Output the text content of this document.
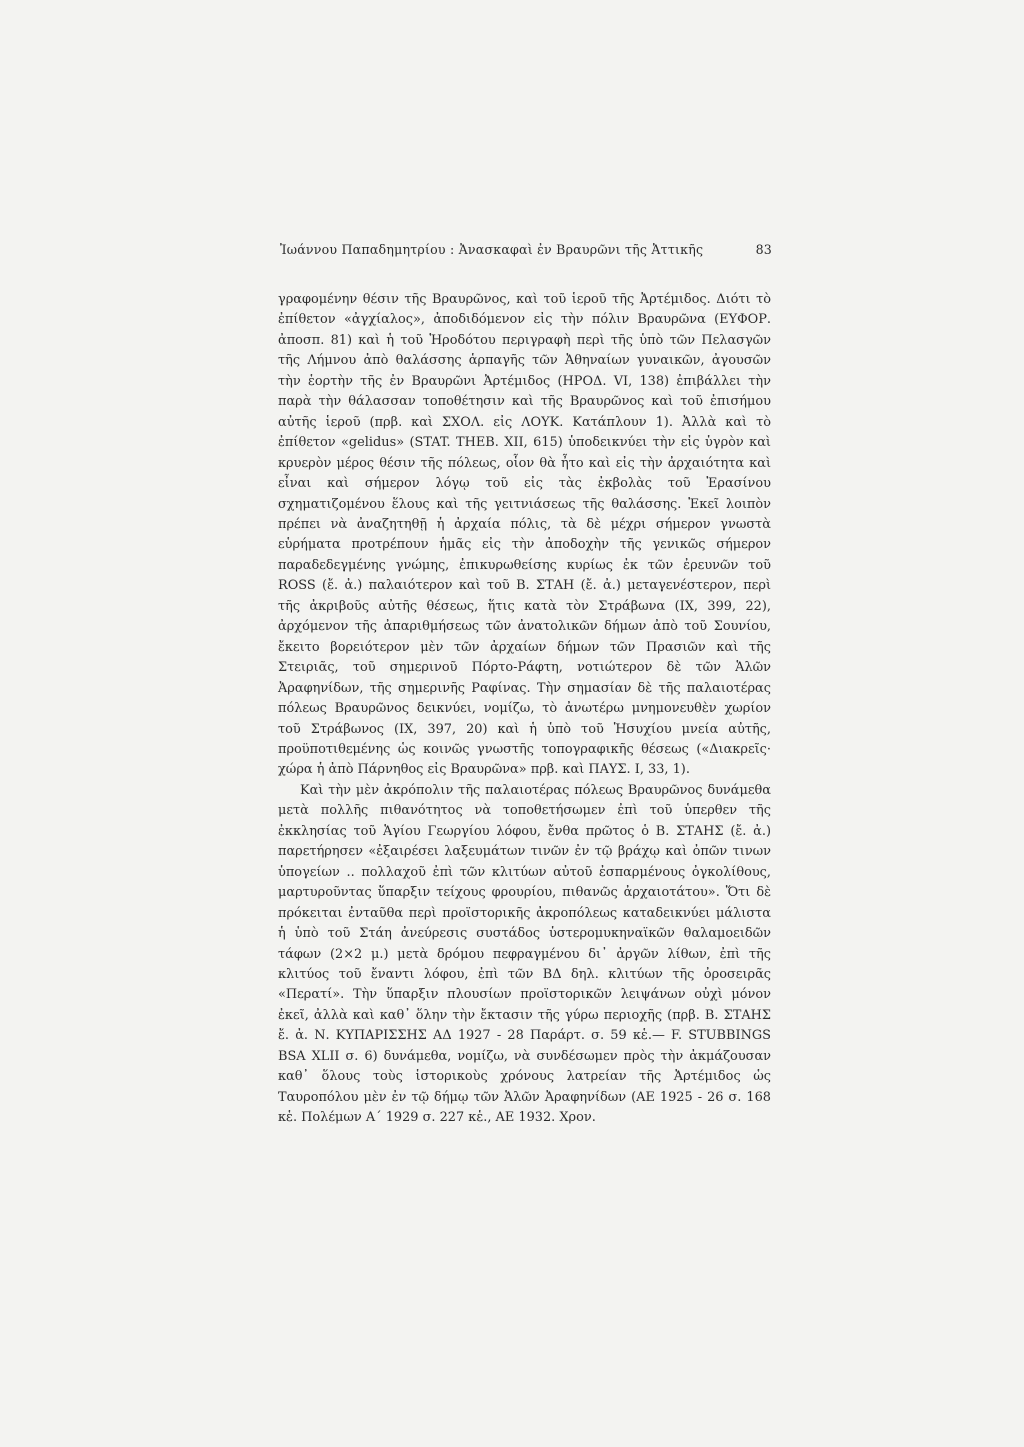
Ἰωάννου Παπαδημητρίου : Ἀνασκαφαὶ ἐν Βραυρῶνι τῆς Ἀττικῆς	83

γραφομένην θέσιν τῆς Βραυρῶνος, καὶ τοῦ ἱεροῦ τῆς Ἀρτέμιδος. Διότι τὸ ἐπίθετον «ἀγχίαλος», ἀποδιδόμενον εἰς τὴν πόλιν Βραυρῶνα (ΕΥΦΟΡ. ἀποσπ. 81) καὶ ἡ τοῦ Ἡροδότου περιγραφὴ περὶ τῆς ὑπὸ τῶν Πελασγῶν τῆς Λήμνου ἀπὸ θαλάσσης ἁρπαγῆς τῶν Ἀθηναίων γυναικῶν, ἀγουσῶν τὴν ἑορτὴν τῆς ἐν Βραυρῶνι Ἀρτέμιδος (ΗΡΟΔ. VI, 138) ἐπιβάλλει τὴν παρὰ τὴν θάλασσαν τοποθέτησιν καὶ τῆς Βραυρῶνος καὶ τοῦ ἐπισήμου αὐτῆς ἱεροῦ (πρβ. καὶ ΣΧΟΛ. εἰς ΛΟΥΚ. Κατάπλουν 1). Ἀλλὰ καὶ τὸ ἐπίθετον «gelidus» (STAT. THEB. XII, 615) ὑποδεικνύει τὴν εἰς ὑγρὸν καὶ κρυερὸν μέρος θέσιν τῆς πόλεως, οἷον θὰ ἦτο καὶ εἰς τὴν ἀρχαιότητα καὶ εἶναι καὶ σήμερον λόγῳ τοῦ εἰς τὰς ἐκβολὰς τοῦ Ἐρασίνου σχηματιζομένου ἕλους καὶ τῆς γειτνιάσεως τῆς θαλάσσης. Ἐκεῖ λοιπὸν πρέπει νὰ ἀναζητηθῇ ἡ ἀρχαία πόλις, τὰ δὲ μέχρι σήμερον γνωστὰ εὑρήματα προτρέπουν ἡμᾶς εἰς τὴν ἀποδοχὴν τῆς γενικῶς σήμερον παραδεδεγμένης γνώμης, ἐπικυρωθείσης κυρίως ἐκ τῶν ἐρευνῶν τοῦ ROSS (ἔ. ἀ.) παλαιότερον καὶ τοῦ Β. ΣΤΑΗ (ἔ. ἀ.) μεταγενέστερον, περὶ τῆς ἀκριβοῦς αὐτῆς θέσεως, ἥτις κατὰ τὸν Στράβωνα (IX, 399, 22), ἀρχόμενον τῆς ἀπαριθμήσεως τῶν ἀνατολικῶν δήμων ἀπὸ τοῦ Σουνίου, ἔκειτο βορειότερον μὲν τῶν ἀρχαίων δήμων τῶν Πρασιῶν καὶ τῆς Στειριᾶς, τοῦ σημερινοῦ Πόρτο-Ράφτη, νοτιώτερον δὲ τῶν Ἁλῶν Ἀραφηνίδων, τῆς σημερινῆς Ραφίνας. Τὴν σημασίαν δὲ τῆς παλαιοτέρας πόλεως Βραυρῶνος δεικνύει, νομίζω, τὸ ἀνωτέρω μνημονευθὲν χωρίον τοῦ Στράβωνος (IX, 397, 20) καὶ ἡ ὑπὸ τοῦ Ἡσυχίου μνεία αὐτῆς, προϋποτιθεμένης ὡς κοινῶς γνωστῆς τοπογραφικῆς θέσεως («Διακρεῖς· χώρα ἡ ἀπὸ Πάρνηθος εἰς Βραυρῶνα» πρβ. καὶ ΠΑΥΣ. I, 33, 1).

Καὶ τὴν μὲν ἀκρόπολιν τῆς παλαιοτέρας πόλεως Βραυρῶνος δυνάμεθα μετὰ πολλῆς πιθανότητος νὰ τοποθετήσωμεν ἐπὶ τοῦ ὑπερθεν τῆς ἐκκλησίας τοῦ Ἁγίου Γεωργίου λόφου, ἔνθα πρῶτος ὁ Β. ΣΤΑΗΣ (ἔ. ἀ.) παρετήρησεν «ἐξαιρέσει λαξευμάτων τινῶν ἐν τῷ βράχῳ καὶ ὀπῶν τινων ὑπογείων .. πολλαχοῦ ἐπὶ τῶν κλιτύων αὐτοῦ ἐσπαρμένους ὀγκολίθους, μαρτυροῦντας ὕπαρξιν τείχους φρουρίου, πιθανῶς ἀρχαιοτάτου». Ὅτι δὲ πρόκειται ἐνταῦθα περὶ προϊστορικῆς ἀκροπόλεως καταδεικνύει μάλιστα ἡ ὑπὸ τοῦ Στάη ἀνεύρεσις συστάδος ὑστερομυκηναϊκῶν θαλαμοειδῶν τάφων (2×2 μ.) μετὰ δρόμου πεφραγμένου δι᾿ ἀργῶν λίθων, ἐπὶ τῆς κλιτύος τοῦ ἔναντι λόφου, ἐπὶ τῶν ΒΔ δηλ. κλιτύων τῆς ὀροσειρᾶς «Περατί». Τὴν ὕπαρξιν πλουσίων προϊστορικῶν λειψάνων οὐχὶ μόνον ἐκεῖ, ἀλλὰ καὶ καθ᾿ ὅλην τὴν ἔκτασιν τῆς γύρω περιοχῆς (πρβ. Β. ΣΤΑΗΣ ἔ. ἀ. Ν. ΚΥΠΑΡΙΣΣΗΣ ΑΔ 1927 - 28 Παράρτ. σ. 59 κἑ.— F. STUBBINGS BSA XLII σ. 6) δυνάμεθα, νομίζω, νὰ συνδέσωμεν πρὸς τὴν ἀκμάζουσαν καθ᾿ ὅλους τοὺς ἱστορικοὺς χρόνους λατρείαν τῆς Ἀρτέμιδος ὡς Ταυροπόλου μὲν ἐν τῷ δήμῳ τῶν Ἁλῶν Ἀραφηνίδων (ΑΕ 1925 - 26 σ. 168 κἑ. Πολέμων Α΄ 1929 σ. 227 κἑ., ΑΕ 1932. Χρον.
